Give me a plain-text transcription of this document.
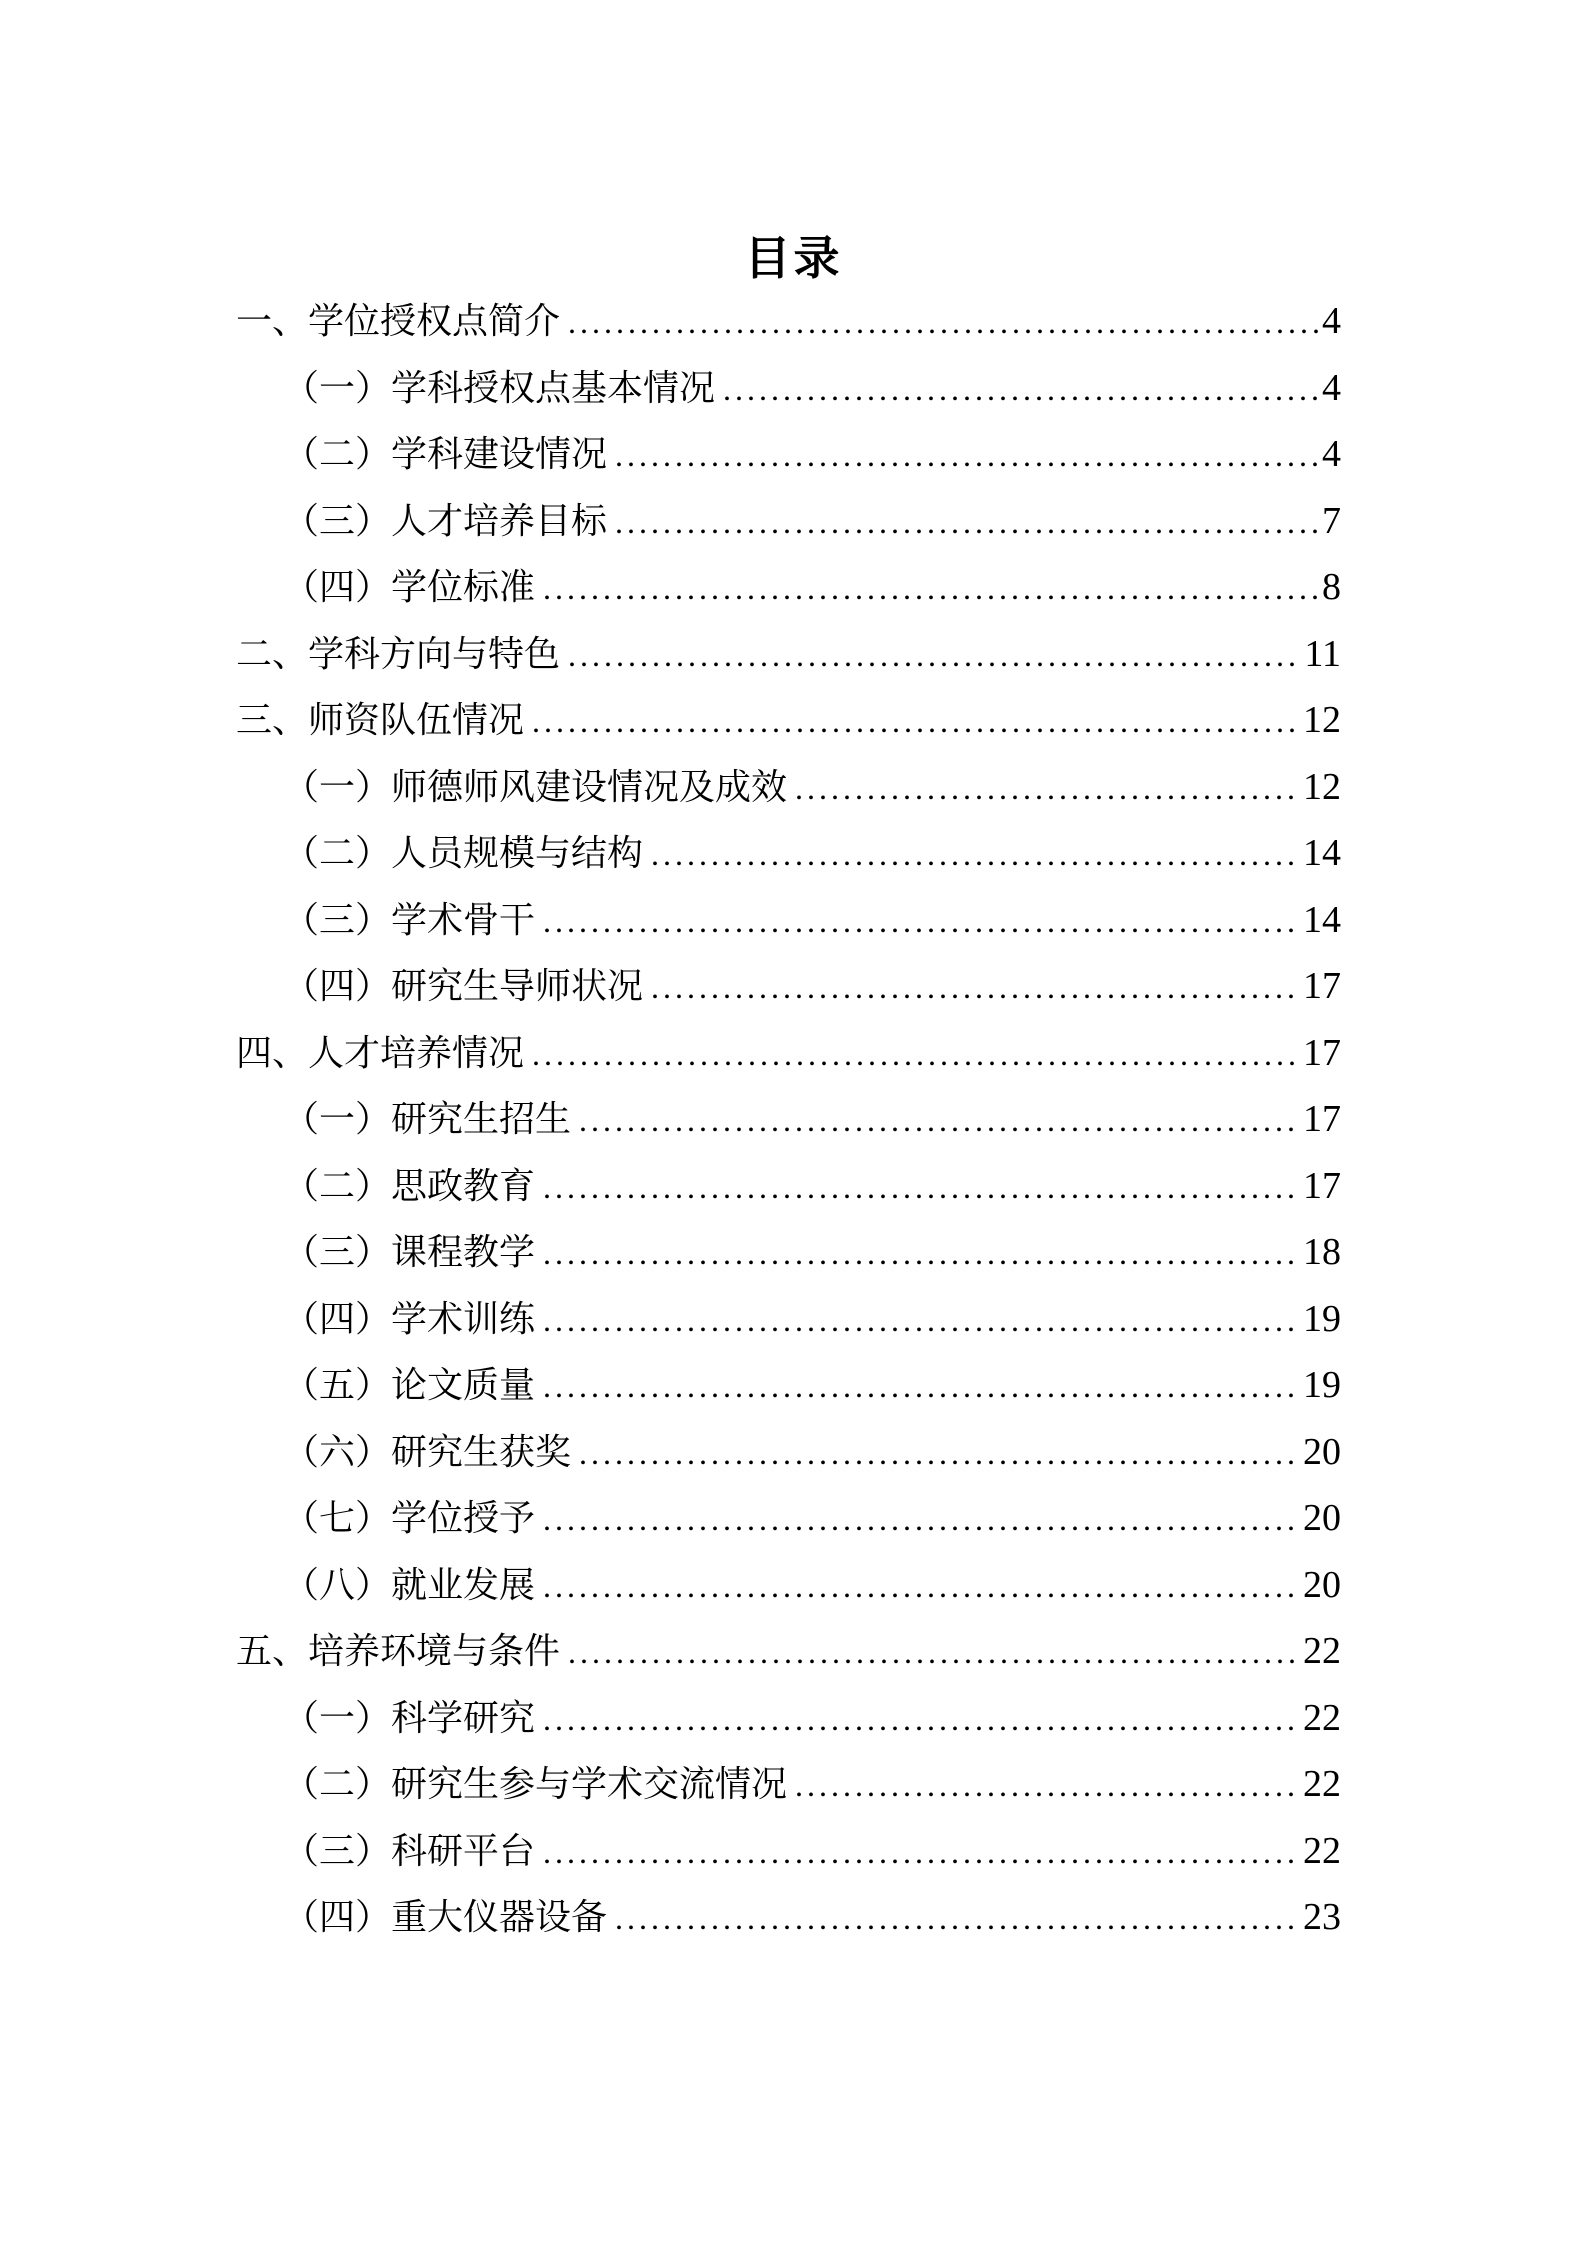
目录
一、学位授权点简介 .....	4
（一）学科授权点基本情况 .....	4
（二）学科建设情况 .....	4
（三）人才培养目标 .....	7
（四）学位标准 .....	8
二、学科方向与特色 .....	11
三、师资队伍情况 .....	12
（一）师德师风建设情况及成效 .....	12
（二）人员规模与结构 .....	14
（三）学术骨干 .....	14
（四）研究生导师状况 .....	17
四、人才培养情况 .....	17
（一）研究生招生 .....	17
（二）思政教育 .....	17
（三）课程教学 .....	18
（四）学术训练 .....	19
（五）论文质量 .....	19
（六）研究生获奖 .....	20
（七）学位授予 .....	20
（八）就业发展 .....	20
五、培养环境与条件 .....	22
（一）科学研究 .....	22
（二）研究生参与学术交流情况 .....	22
（三）科研平台 .....	22
（四）重大仪器设备 .....	23
